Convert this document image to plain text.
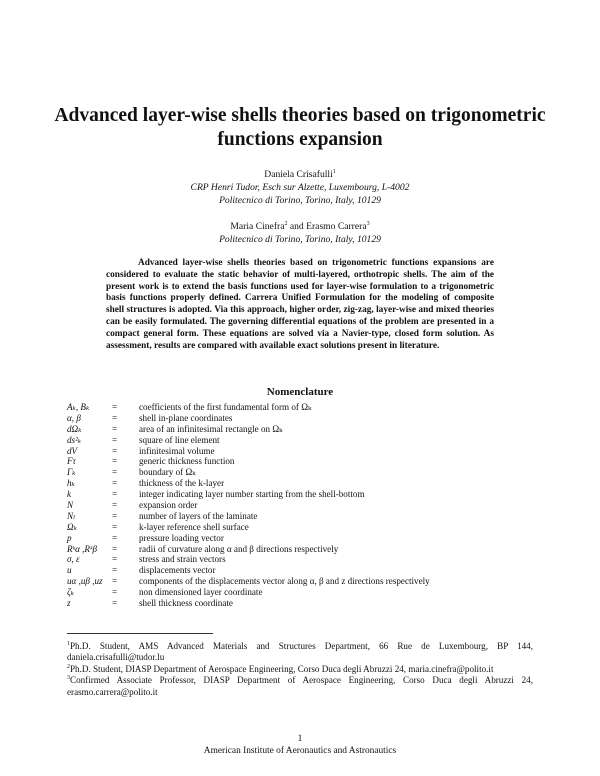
Advanced layer-wise shells theories based on trigonometric functions expansion
Daniela Crisafulli$^1$
CRP Henri Tudor, Esch sur Alzette, Luxembourg, L-4002
Politecnico di Torino, Torino, Italy, 10129
Maria Cinefra$^2$ and Erasmo Carrera$^3$
Politecnico di Torino, Torino, Italy, 10129

Advanced layer-wise shells theories based on trigonometric functions expansions are considered to evaluate the static behavior of multi-layered, orthotropic shells. The aim of the present work is to extend the basis functions used for layer-wise formulation to a trigonometric basis functions properly defined. Carrera Unified Formulation for the modeling of composite shell structures is adopted. Via this approach, higher order, zig-zag, layer-wise and mixed theories can be easily formulated. The governing differential equations of the problem are presented in a compact general form. These equations are solved via a Navier-type, closed form solution. As assessment, results are compared with available exact solutions present in literature.

Nomenclature
Aₖ, Bₖ	=	coefficients of the first fundamental form of Ωₖ
α, β	=	shell in-plane coordinates
dΩₖ	=	area of an infinitesimal rectangle on Ωₖ
ds²ₖ	=	square of line element
dV	=	infinitesimal volume
Fτ	=	generic thickness function
Γₖ	=	boundary of Ωₖ
hₖ	=	thickness of the k-layer
k	=	integer indicating layer number starting from the shell-bottom
N	=	expansion order
Nₗ	=	number of layers of the laminate
Ωₖ	=	k-layer reference shell surface
p	=	pressure loading vector
Rᵏα ,Rᵏβ	=	radii of curvature along α and β directions respectively
σ, ε	=	stress and strain vectors
u	=	displacements vector
uα ,uβ ,uz	=	components of the displacements vector along α, β and z directions respectively
ζₖ	=	non dimensioned layer coordinate
z	=	shell thickness coordinate

$^1$Ph.D. Student, AMS Advanced Materials and Structures Department, 66 Rue de Luxembourg, BP 144, daniela.crisafulli@tudor.lu

$^2$Ph.D. Student, DIASP Department of Aerospace Engineering, Corso Duca degli Abruzzi 24, maria.cinefra@polito.it

$^3$Confirmed Associate Professor, DIASP Department of Aerospace Engineering, Corso Duca degli Abruzzi 24, erasmo.carrera@polito.it

1
American Institute of Aeronautics and Astronautics
